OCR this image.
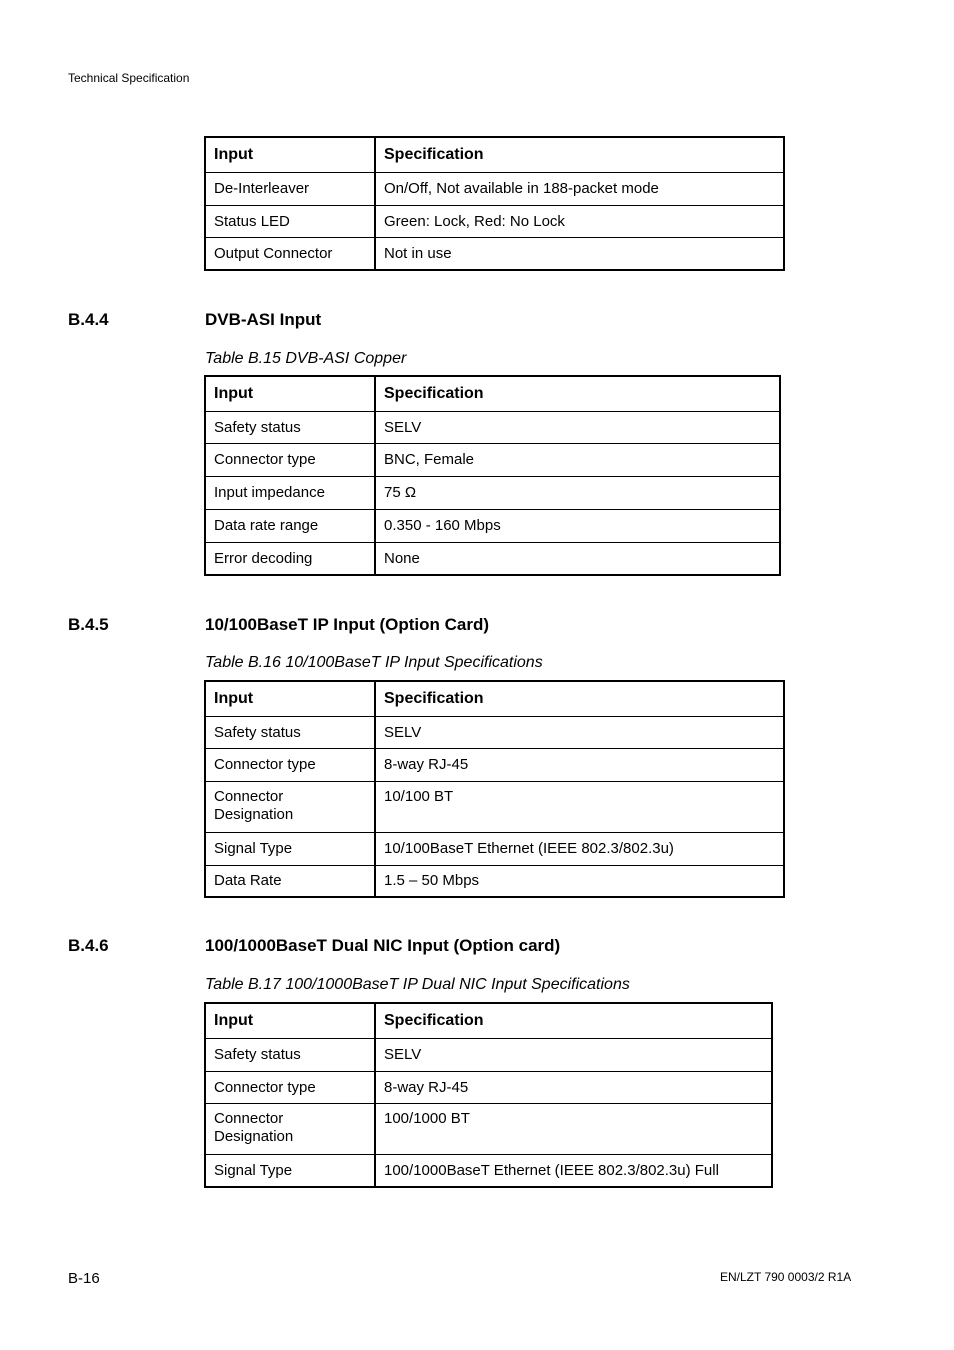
Technical Specification
Input	Specification
De-Interleaver	On/Off, Not available in 188-packet mode
Status LED	Green: Lock, Red: No Lock
Output Connector	Not in use
B.4.4	DVB-ASI Input
Table B.15 DVB-ASI Copper
Input	Specification
Safety status	SELV
Connector type	BNC, Female
Input impedance	75 Ω
Data rate range	0.350 - 160 Mbps
Error decoding	None
B.4.5	10/100BaseT IP Input (Option Card)
Table B.16 10/100BaseT IP Input Specifications
Input	Specification
Safety status	SELV
Connector type	8-way RJ-45
Connector
Designation	10/100 BT
Signal Type	10/100BaseT Ethernet (IEEE 802.3/802.3u)
Data Rate	1.5 – 50 Mbps
B.4.6	100/1000BaseT Dual NIC Input (Option card)
Table B.17 100/1000BaseT IP Dual NIC Input Specifications
Input	Specification
Safety status	SELV
Connector type	8-way RJ-45
Connector
Designation	100/1000 BT
Signal Type	100/1000BaseT Ethernet (IEEE 802.3/802.3u) Full
B-16	EN/LZT 790 0003/2 R1A
